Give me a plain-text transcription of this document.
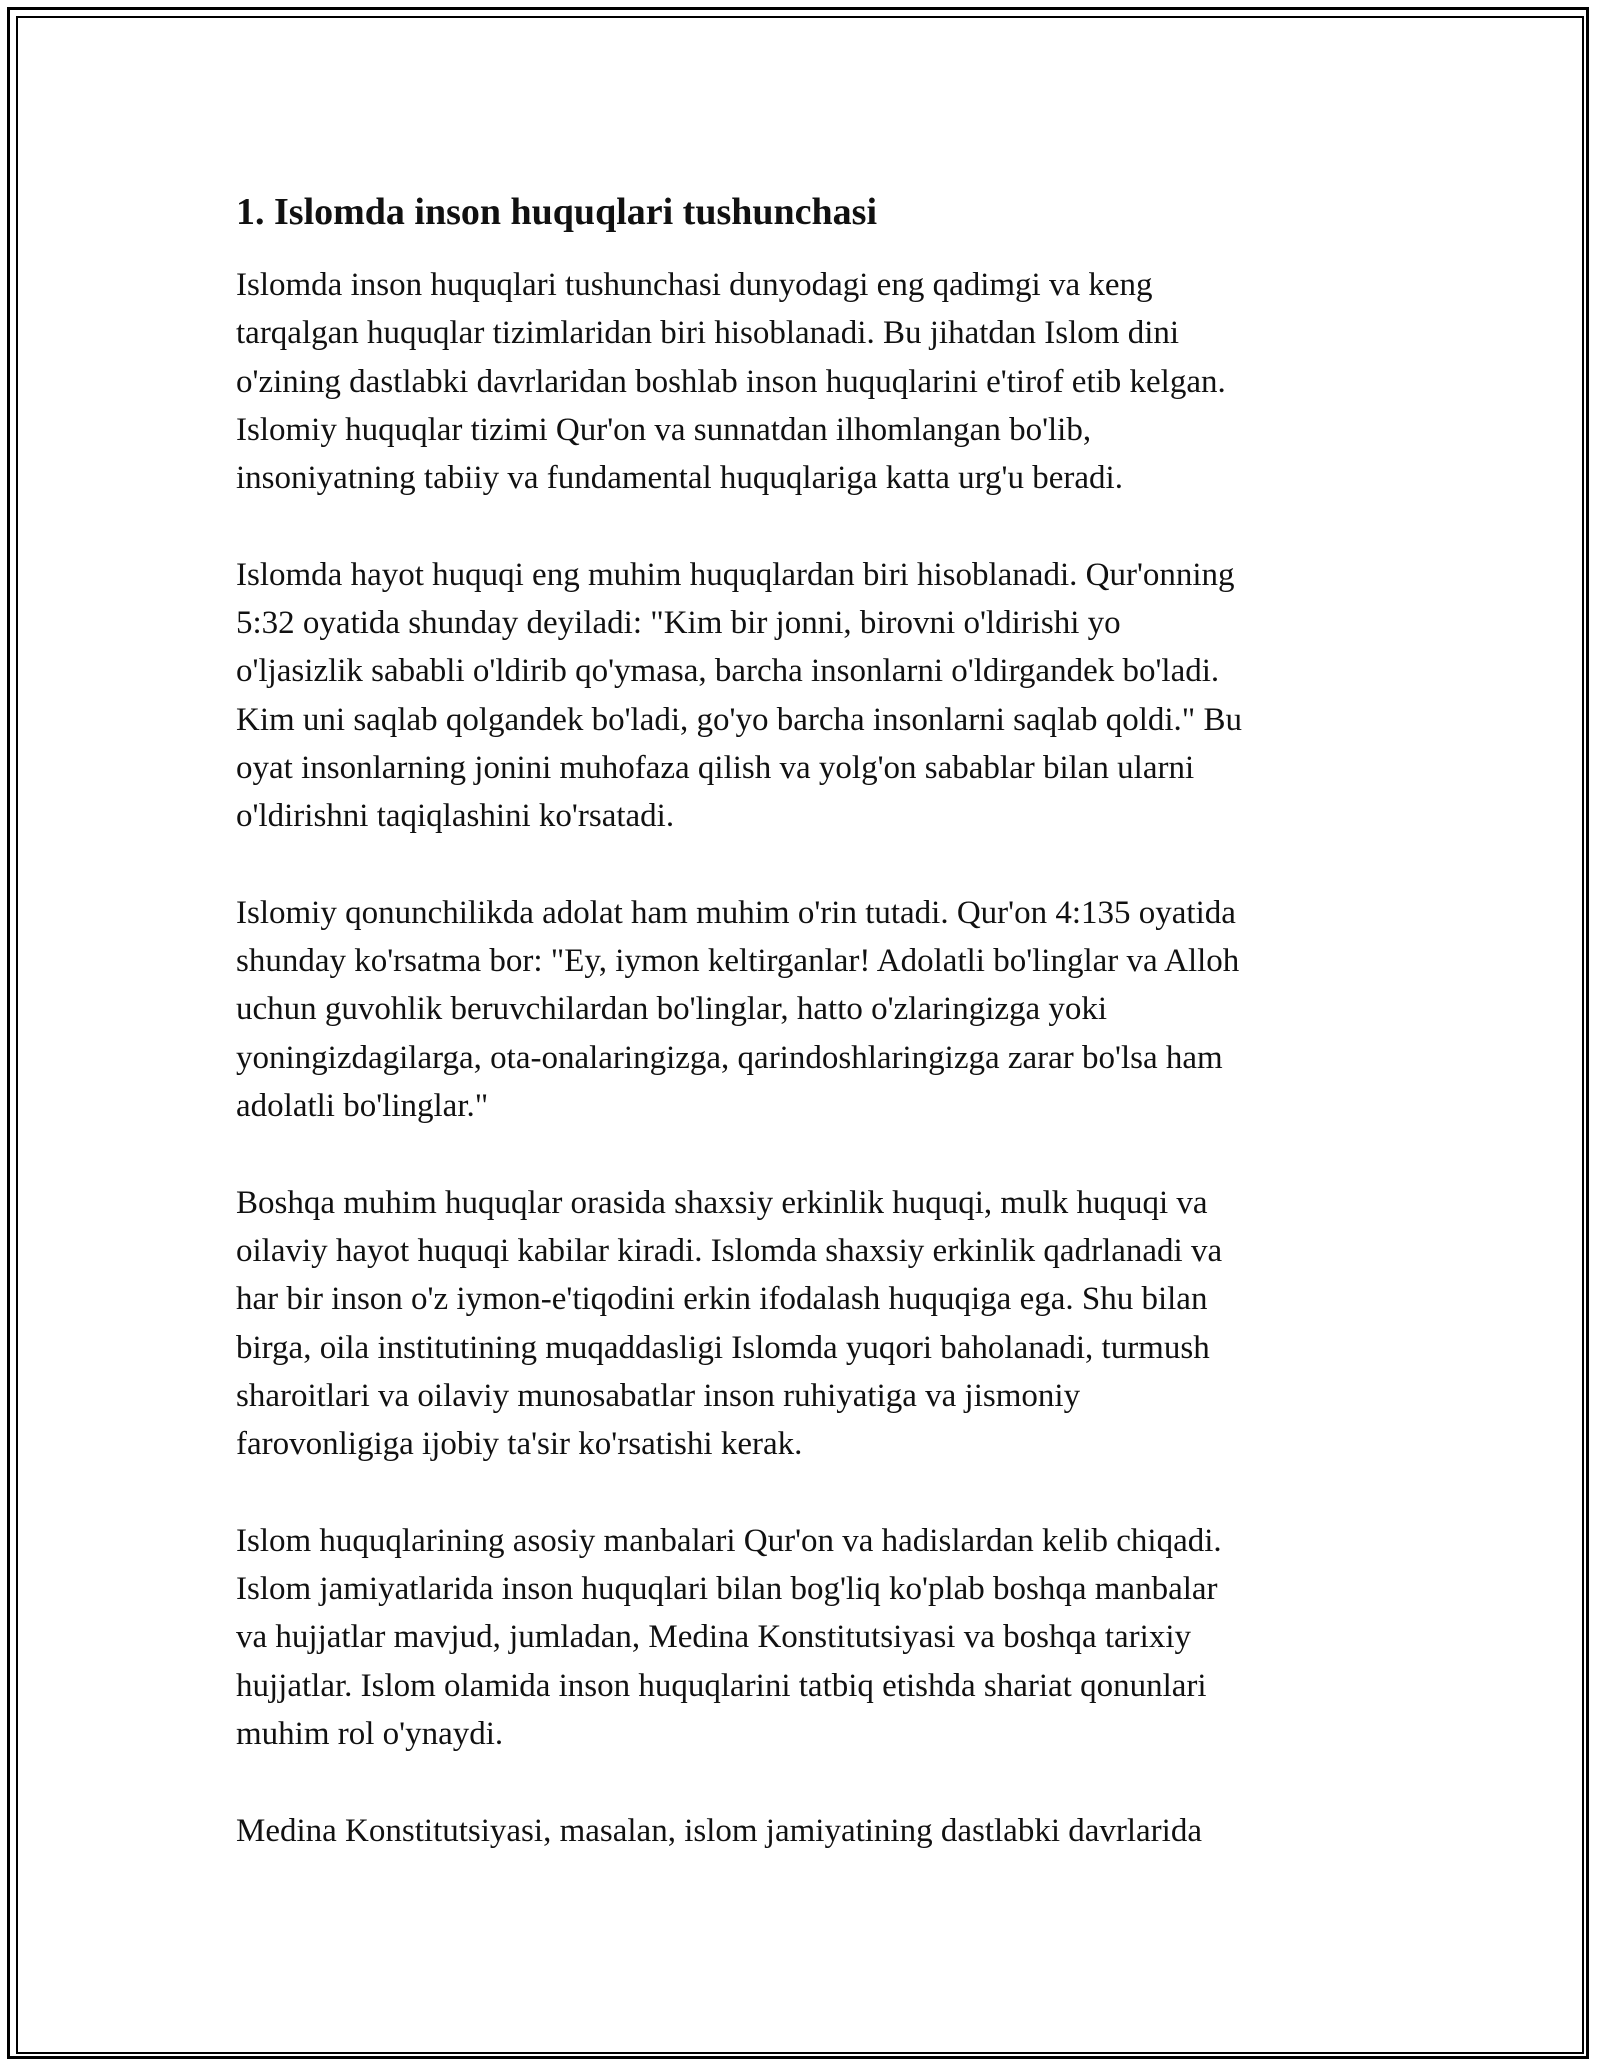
1. Islomda inson huquqlari tushunchasi
Islomda inson huquqlari tushunchasi dunyodagi eng qadimgi va keng
tarqalgan huquqlar tizimlaridan biri hisoblanadi. Bu jihatdan Islom dini
o'zining dastlabki davrlaridan boshlab inson huquqlarini e'tirof etib kelgan.
Islomiy huquqlar tizimi Qur'on va sunnatdan ilhomlangan bo'lib,
insoniyatning tabiiy va fundamental huquqlariga katta urg'u beradi.
Islomda hayot huquqi eng muhim huquqlardan biri hisoblanadi. Qur'onning
5:32 oyatida shunday deyiladi: "Kim bir jonni, birovni o'ldirishi yo
o'ljasizlik sababli o'ldirib qo'ymasa, barcha insonlarni o'ldirgandek bo'ladi.
Kim uni saqlab qolgandek bo'ladi, go'yo barcha insonlarni saqlab qoldi." Bu
oyat insonlarning jonini muhofaza qilish va yolg'on sabablar bilan ularni
o'ldirishni taqiqlashini ko'rsatadi.
Islomiy qonunchilikda adolat ham muhim o'rin tutadi. Qur'on 4:135 oyatida
shunday ko'rsatma bor: "Ey, iymon keltirganlar! Adolatli bo'linglar va Alloh
uchun guvohlik beruvchilardan bo'linglar, hatto o'zlaringizga yoki
yoningizdagilarga, ota-onalaringizga, qarindoshlaringizga zarar bo'lsa ham
adolatli bo'linglar."
Boshqa muhim huquqlar orasida shaxsiy erkinlik huquqi, mulk huquqi va
oilaviy hayot huquqi kabilar kiradi. Islomda shaxsiy erkinlik qadrlanadi va
har bir inson o'z iymon-e'tiqodini erkin ifodalash huquqiga ega. Shu bilan
birga, oila institutining muqaddasligi Islomda yuqori baholanadi, turmush
sharoitlari va oilaviy munosabatlar inson ruhiyatiga va jismoniy
farovonligiga ijobiy ta'sir ko'rsatishi kerak.
Islom huquqlarining asosiy manbalari Qur'on va hadislardan kelib chiqadi.
Islom jamiyatlarida inson huquqlari bilan bog'liq ko'plab boshqa manbalar
va hujjatlar mavjud, jumladan, Medina Konstitutsiyasi va boshqa tarixiy
hujjatlar. Islom olamida inson huquqlarini tatbiq etishda shariat qonunlari
muhim rol o'ynaydi.
Medina Konstitutsiyasi, masalan, islom jamiyatining dastlabki davrlarida
